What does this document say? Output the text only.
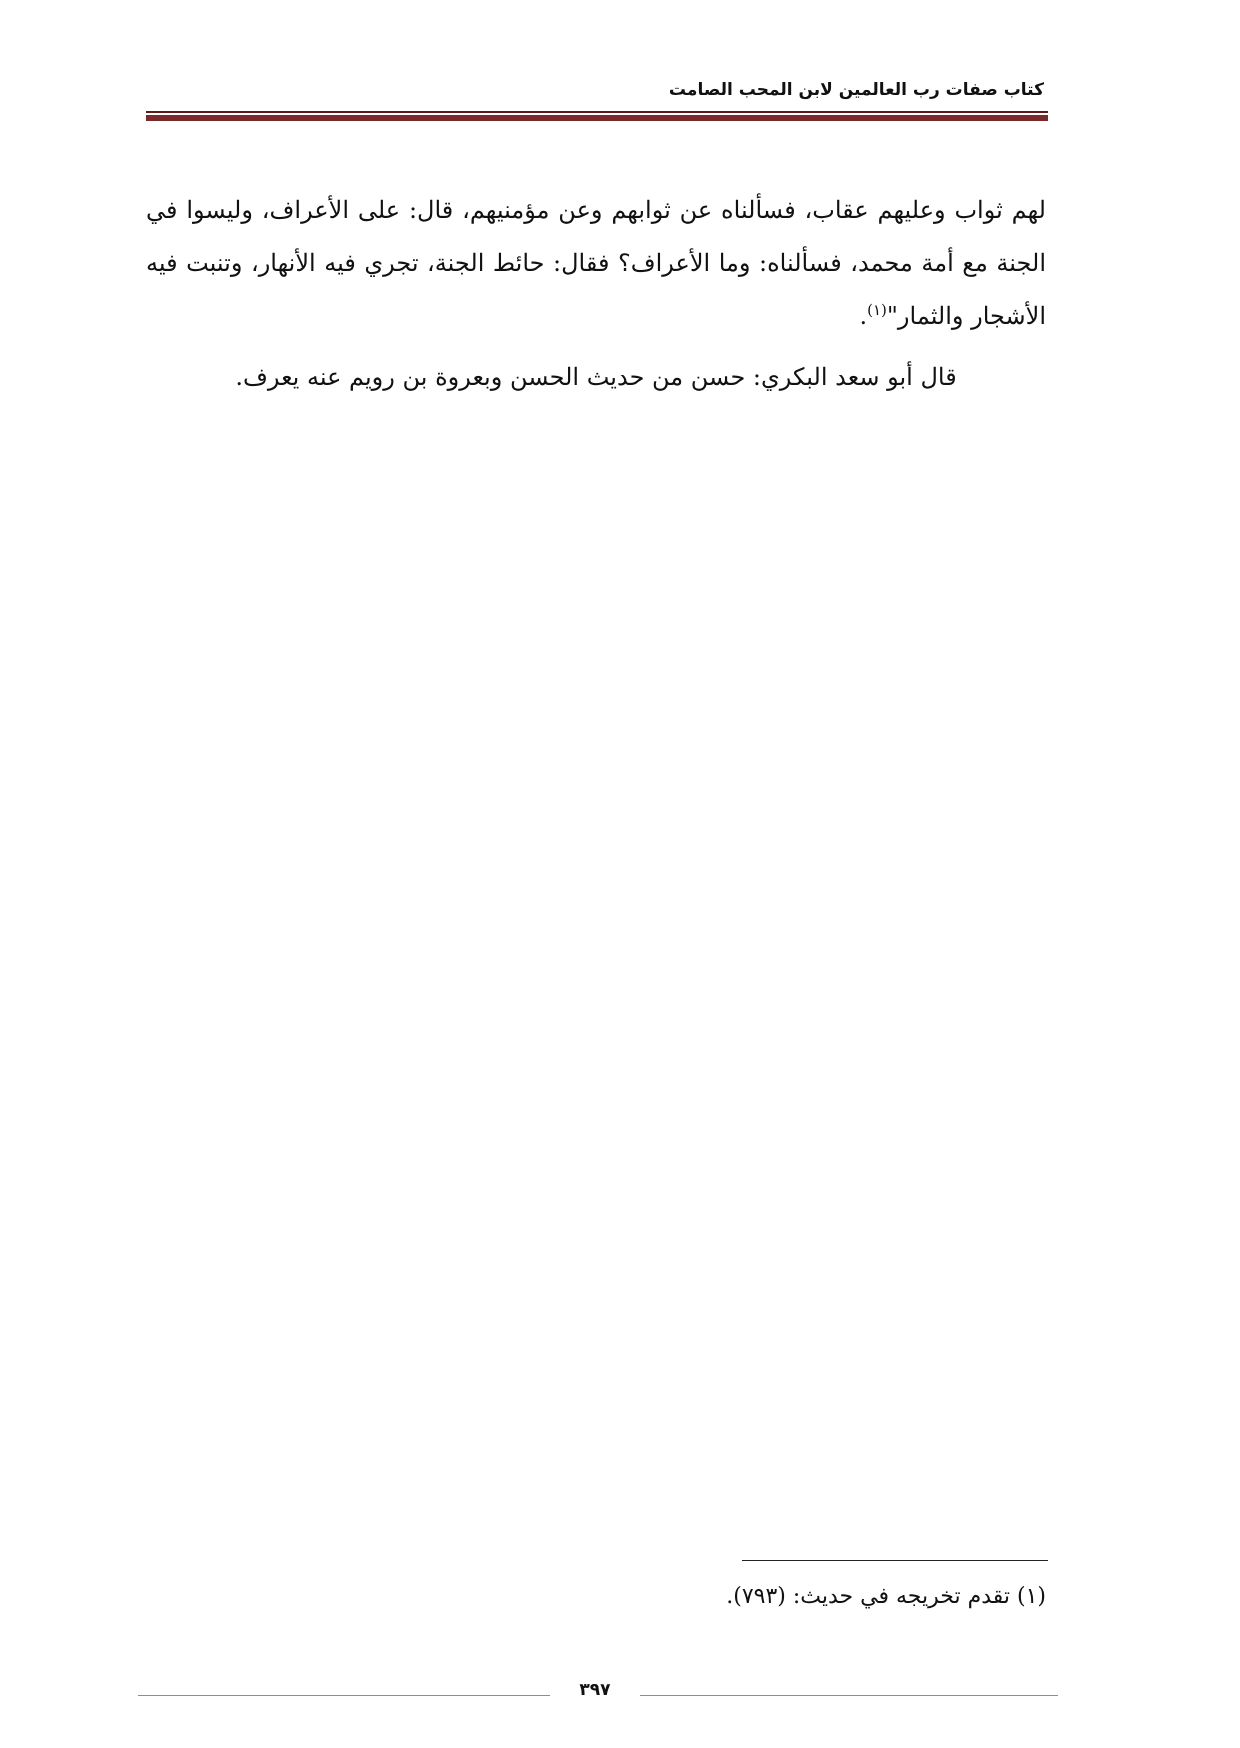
كتاب صفات رب العالمين لابن المحب الصامت
لهم ثواب وعليهم عقاب، فسألناه عن ثوابهم وعن مؤمنيهم، قال: على الأعراف، وليسوا في الجنة مع أمة محمد، فسألناه: وما الأعراف؟ فقال: حائط الجنة، تجري فيه الأنهار، وتنبت فيه الأشجار والثمار"$^{(١)}$.
قال أبو سعد البكري: حسن من حديث الحسن وبعروة بن رويم عنه يعرف.
(١) تقدم تخريجه في حديث: (٧٩٣).
٣٩٧
